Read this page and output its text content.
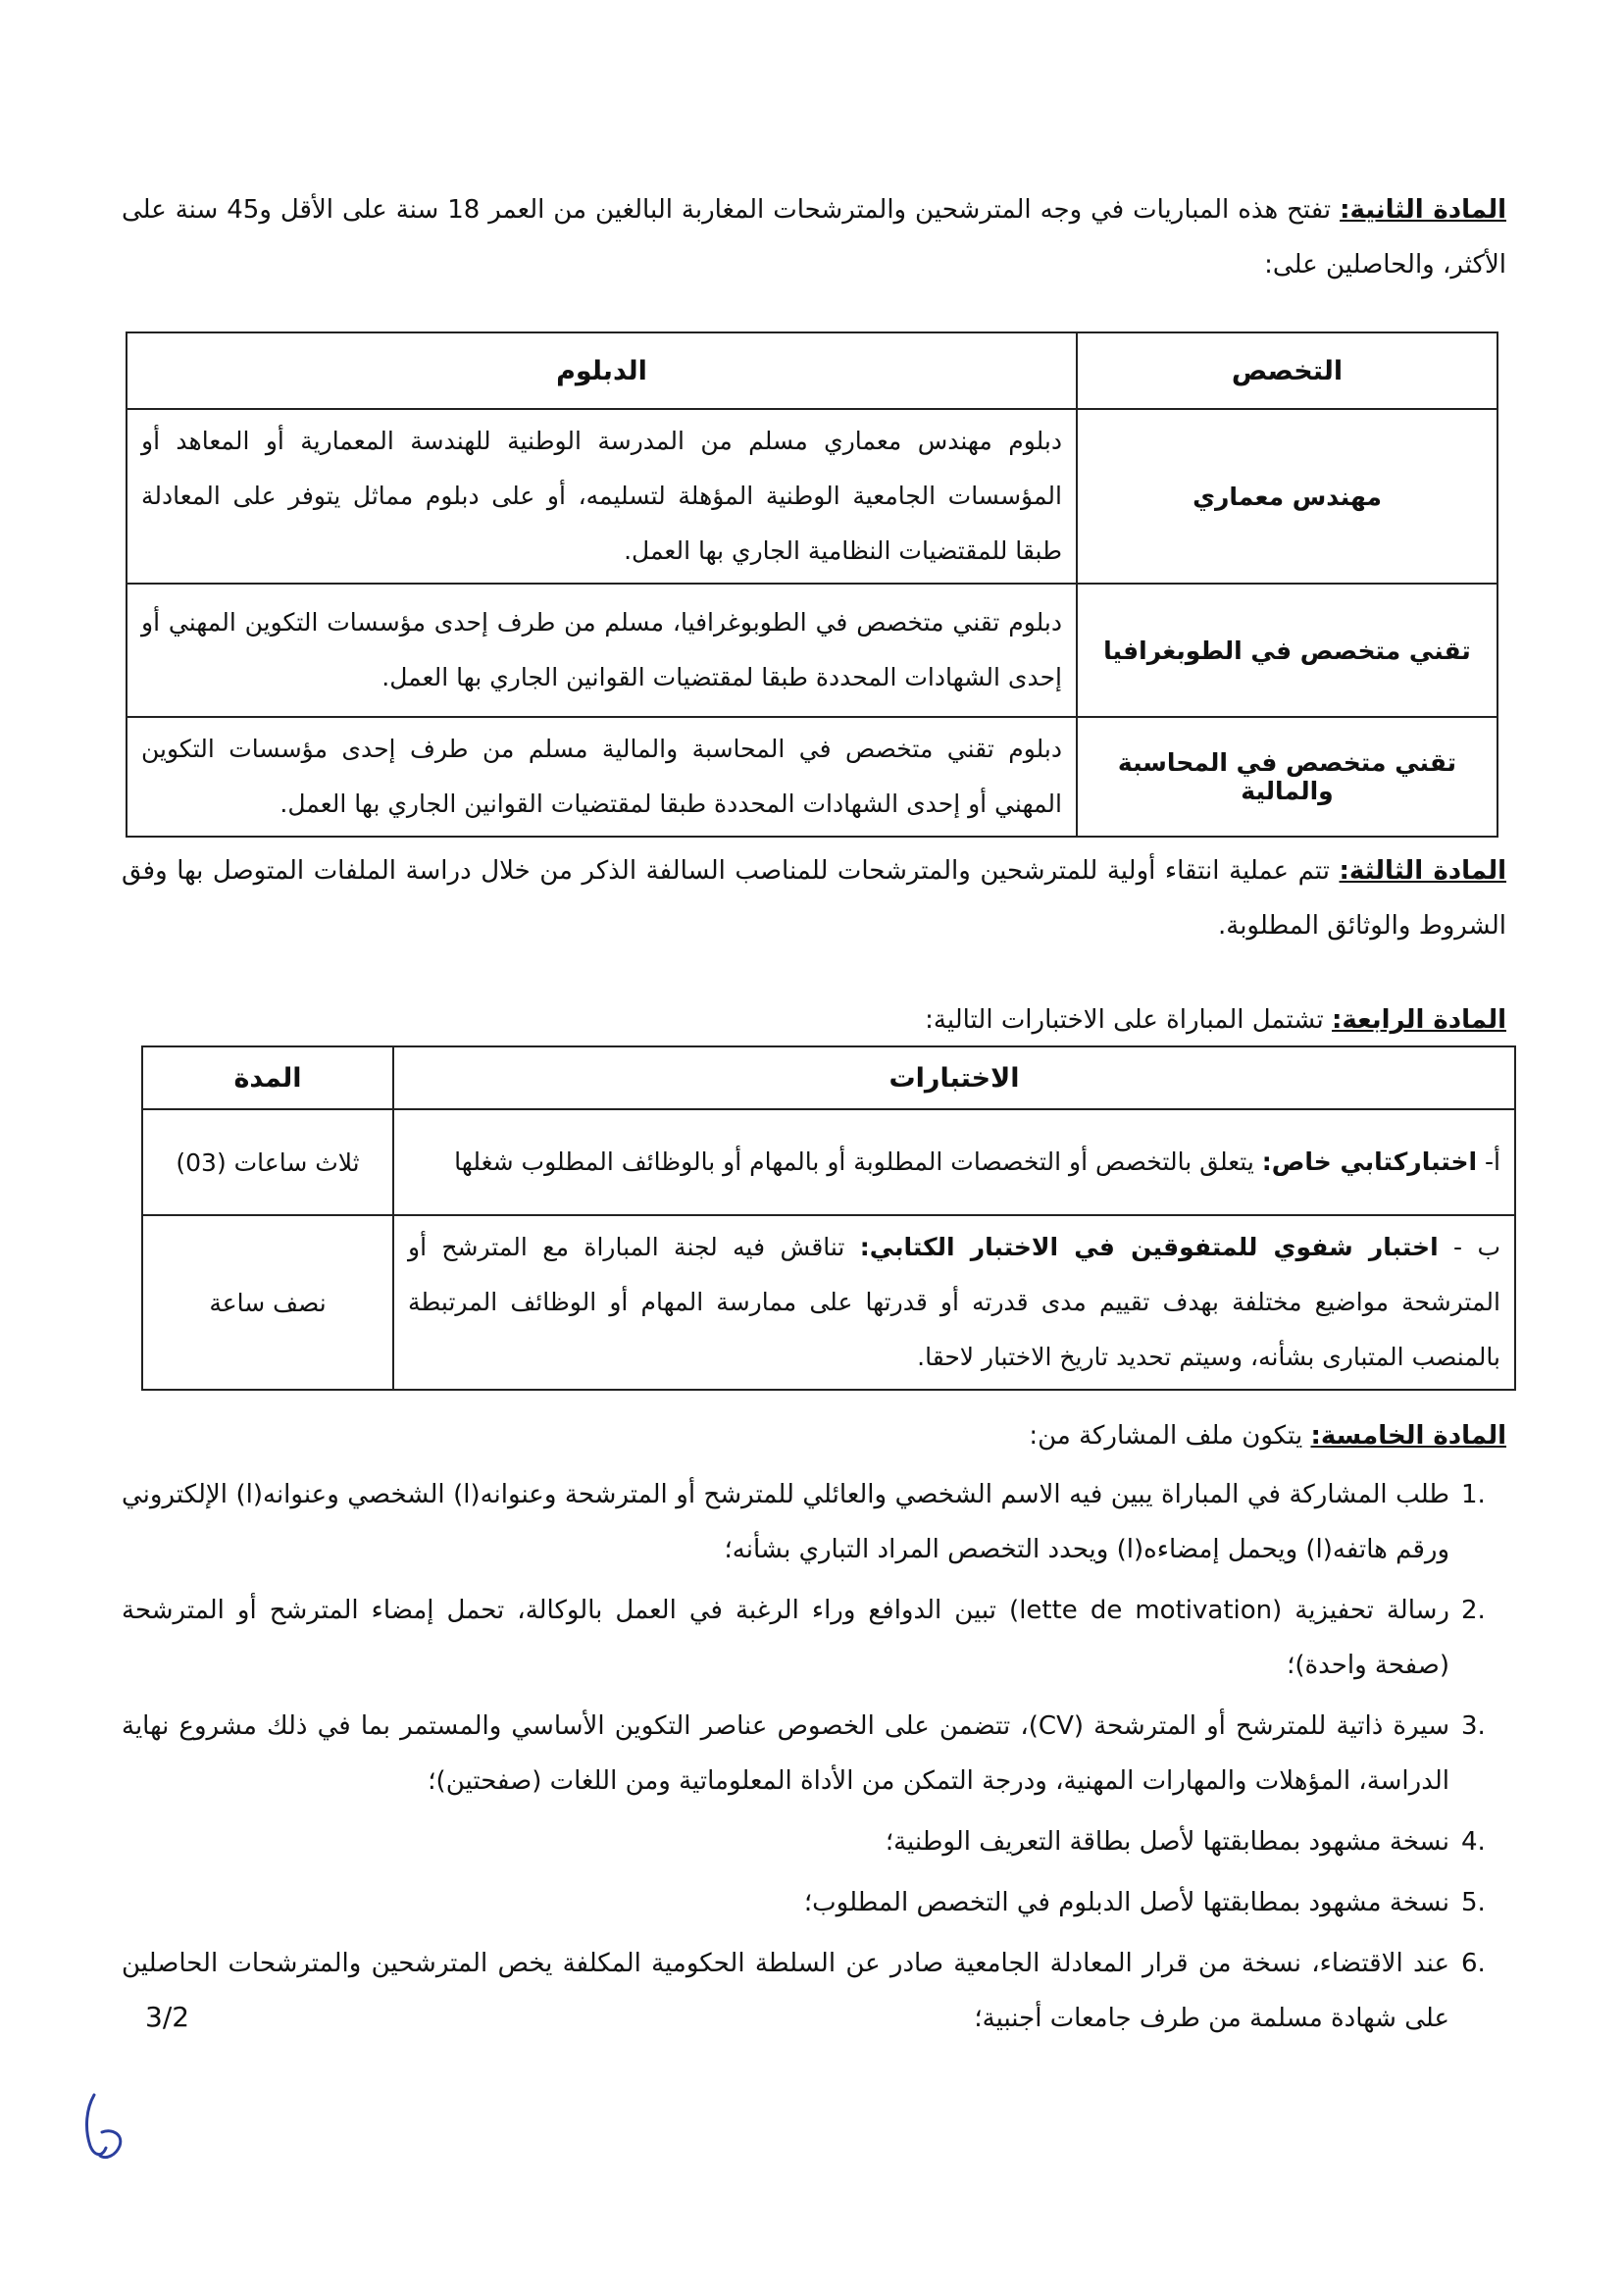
المادة الثانية: تفتح هذه المباريات في وجه المترشحين والمترشحات المغاربة البالغين من العمر 18 سنة على الأقل و45 سنة على الأكثر، والحاصلين على:
التخصص	الدبلوم
مهندس معماري	دبلوم مهندس معماري مسلم من المدرسة الوطنية للهندسة المعمارية أو المعاهد أو المؤسسات الجامعية الوطنية المؤهلة لتسليمه، أو على دبلوم مماثل يتوفر على المعادلة طبقا للمقتضيات النظامية الجاري بها العمل.
تقني متخصص في الطوبغرافيا	دبلوم تقني متخصص في الطوبوغرافيا، مسلم من طرف إحدى مؤسسات التكوين المهني أو إحدى الشهادات المحددة طبقا لمقتضيات القوانين الجاري بها العمل.
تقني متخصص في المحاسبة والمالية	دبلوم تقني متخصص في المحاسبة والمالية مسلم من طرف إحدى مؤسسات التكوين المهني أو إحدى الشهادات المحددة طبقا لمقتضيات القوانين الجاري بها العمل.
المادة الثالثة: تتم عملية انتقاء أولية للمترشحين والمترشحات للمناصب السالفة الذكر من خلال دراسة الملفات المتوصل بها وفق الشروط والوثائق المطلوبة.
المادة الرابعة: تشتمل المباراة على الاختبارات التالية:
الاختبارات	المدة
أ- اختباركتابي خاص: يتعلق بالتخصص أو التخصصات المطلوبة أو بالمهام أو بالوظائف المطلوب شغلها	ثلاث ساعات (03)
ب - اختبار شفوي للمتفوقين في الاختبار الكتابي: تناقش فيه لجنة المباراة مع المترشح أو المترشحة مواضيع مختلفة بهدف تقييم مدى قدرته أو قدرتها على ممارسة المهام أو الوظائف المرتبطة بالمنصب المتبارى بشأنه، وسيتم تحديد تاريخ الاختبار لاحقا.	نصف ساعة
المادة الخامسة: يتكون ملف المشاركة من:
1.
طلب المشاركة في المباراة يبين فيه الاسم الشخصي والعائلي للمترشح أو المترشحة وعنوانه(ا) الشخصي وعنوانه(ا) الإلكتروني ورقم هاتفه(ا) ويحمل إمضاءه(ا) ويحدد التخصص المراد التباري بشأنه؛
2.
رسالة تحفيزية (lette de motivation) تبين الدوافع وراء الرغبة في العمل بالوكالة، تحمل إمضاء المترشح أو المترشحة (صفحة واحدة)؛
3.
سيرة ذاتية للمترشح أو المترشحة (CV)، تتضمن على الخصوص عناصر التكوين الأساسي والمستمر بما في ذلك مشروع نهاية الدراسة، المؤهلات والمهارات المهنية، ودرجة التمكن من الأداة المعلوماتية ومن اللغات (صفحتين)؛
4.
نسخة مشهود بمطابقتها لأصل بطاقة التعريف الوطنية؛
5.
نسخة مشهود بمطابقتها لأصل الدبلوم في التخصص المطلوب؛
6.
عند الاقتضاء، نسخة من قرار المعادلة الجامعية صادر عن السلطة الحكومية المكلفة يخص المترشحين والمترشحات الحاصلين على شهادة مسلمة من طرف جامعات أجنبية؛
3/2
